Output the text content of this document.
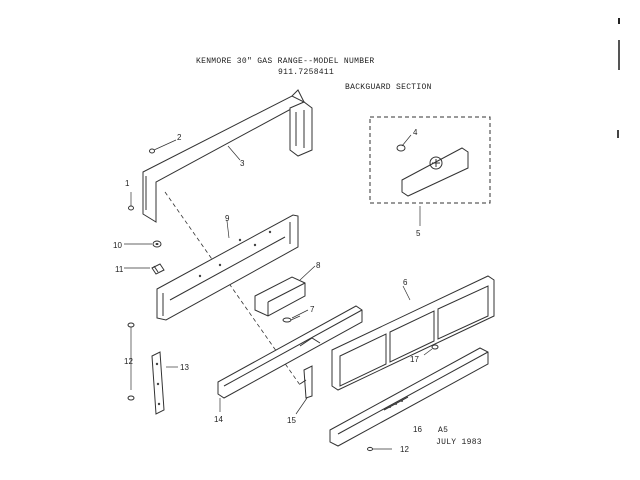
KENMORE 30" GAS RANGE--MODEL NUMBER
911.7258411
BACKGUARD SECTION
2
3
1
4
5
9
10
11	8
6
7
12
13
17
14	15
16
12
A5
JULY 1983
